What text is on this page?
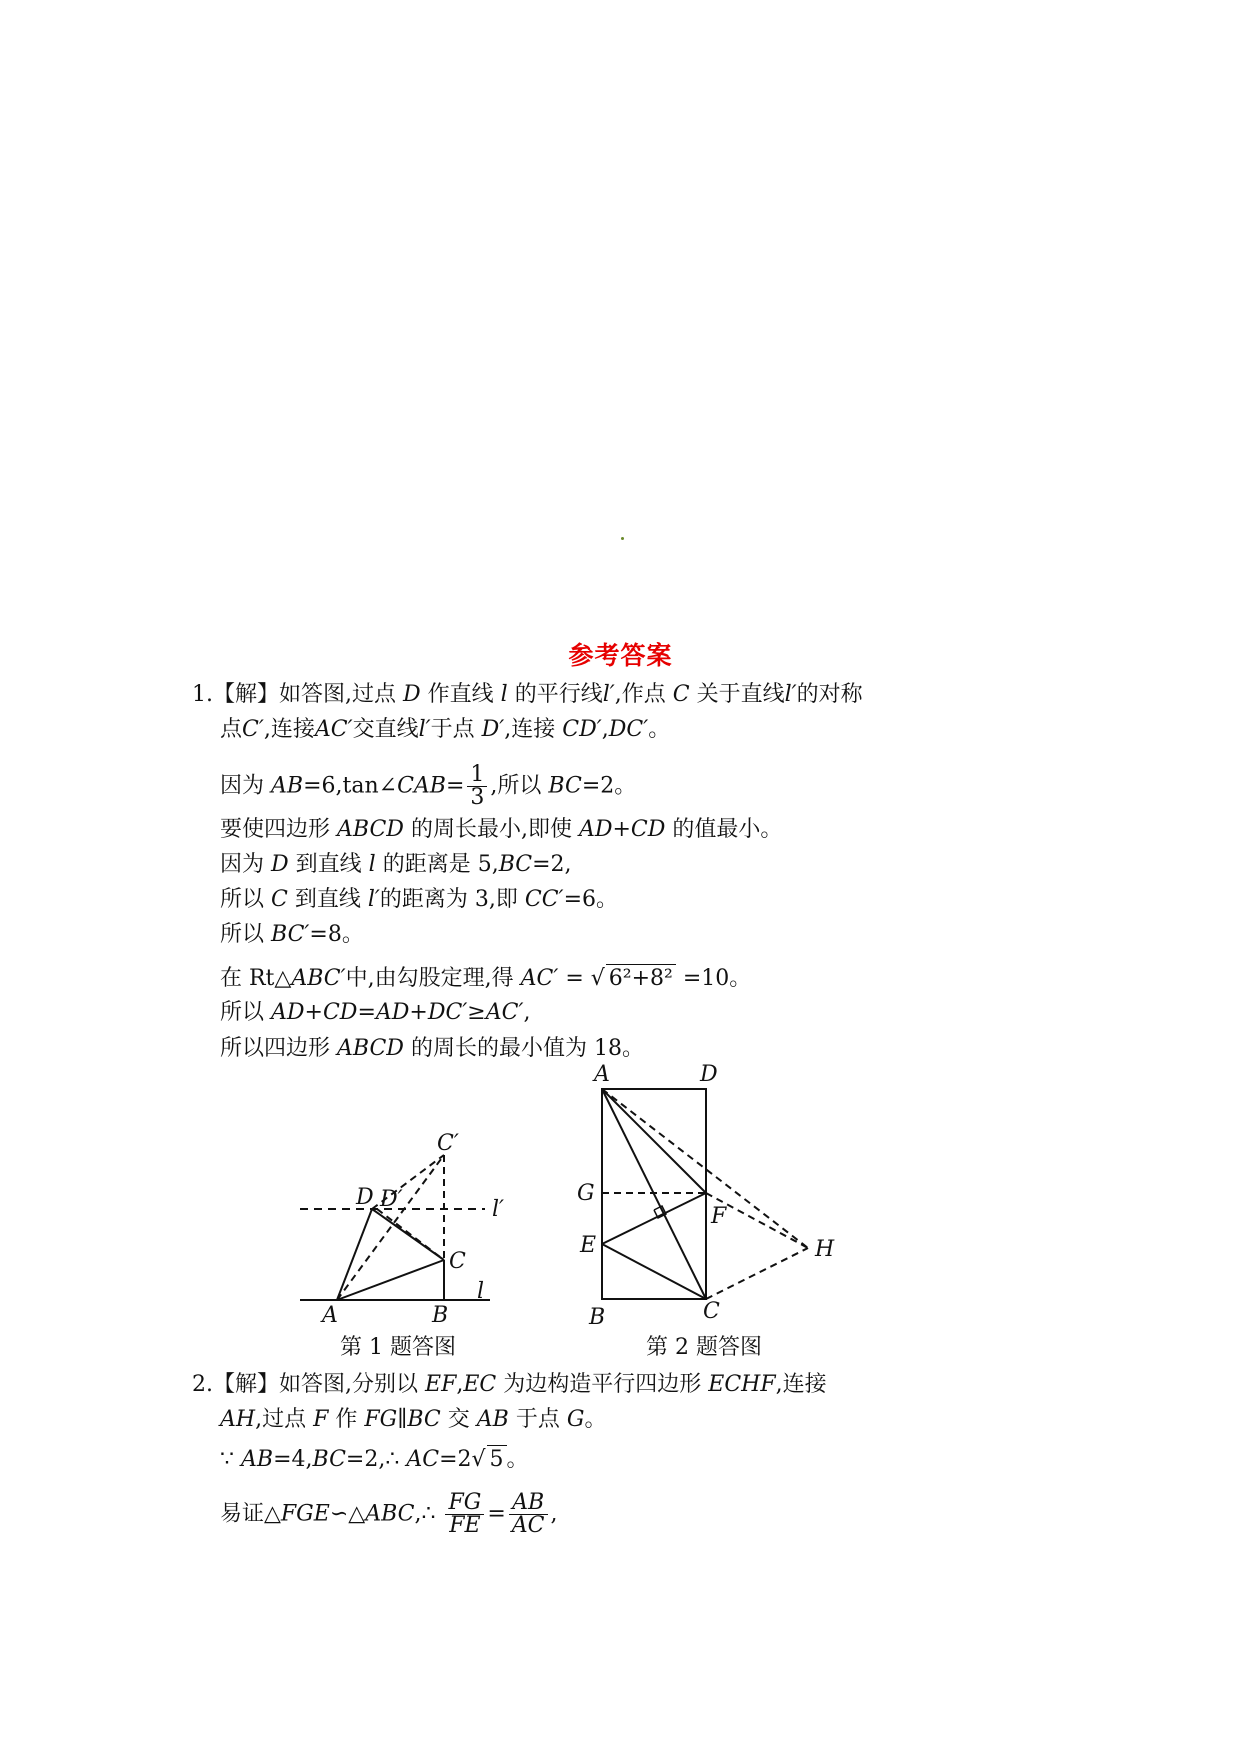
参考答案
1.【解】如答图,过点 D 作直线 l 的平行线l′,作点 C 关于直线l′的对称
点C′,连接AC′交直线l′于点 D′,连接 CD′,DC′。
因为 AB=6,tan∠CAB= $\frac{1}{3}$ ,所以 BC=2。
要使四边形 ABCD 的周长最小,即使 AD+CD 的值最小。
因为 D 到直线 l 的距离是 5,BC=2,
所以 C 到直线 l′的距离为 3,即 CC′=6。
所以 BC′=8。
在 Rt△ABC′中,由勾股定理,得 AC′ = √ 6²+8² =10。
所以 AD+CD=AD+DC′≥AC′,
所以四边形 ABCD 的周长的最小值为 18。
A	B
C
C′
D D′
l
l′
A	D
G
F
E	H
B	C
第 1 题答图	第 2 题答图
2.【解】如答图,分别以 EF,EC 为边构造平行四边形 ECHF,连接
AH,过点 F 作 FG∥BC 交 AB 于点 G。
∵ AB=4,BC=2,∴ AC=2√ 5 。
易证△FGE∽△ABC,∴ $\frac{FG}{FE} = \frac{AB}{AC}$ ,
